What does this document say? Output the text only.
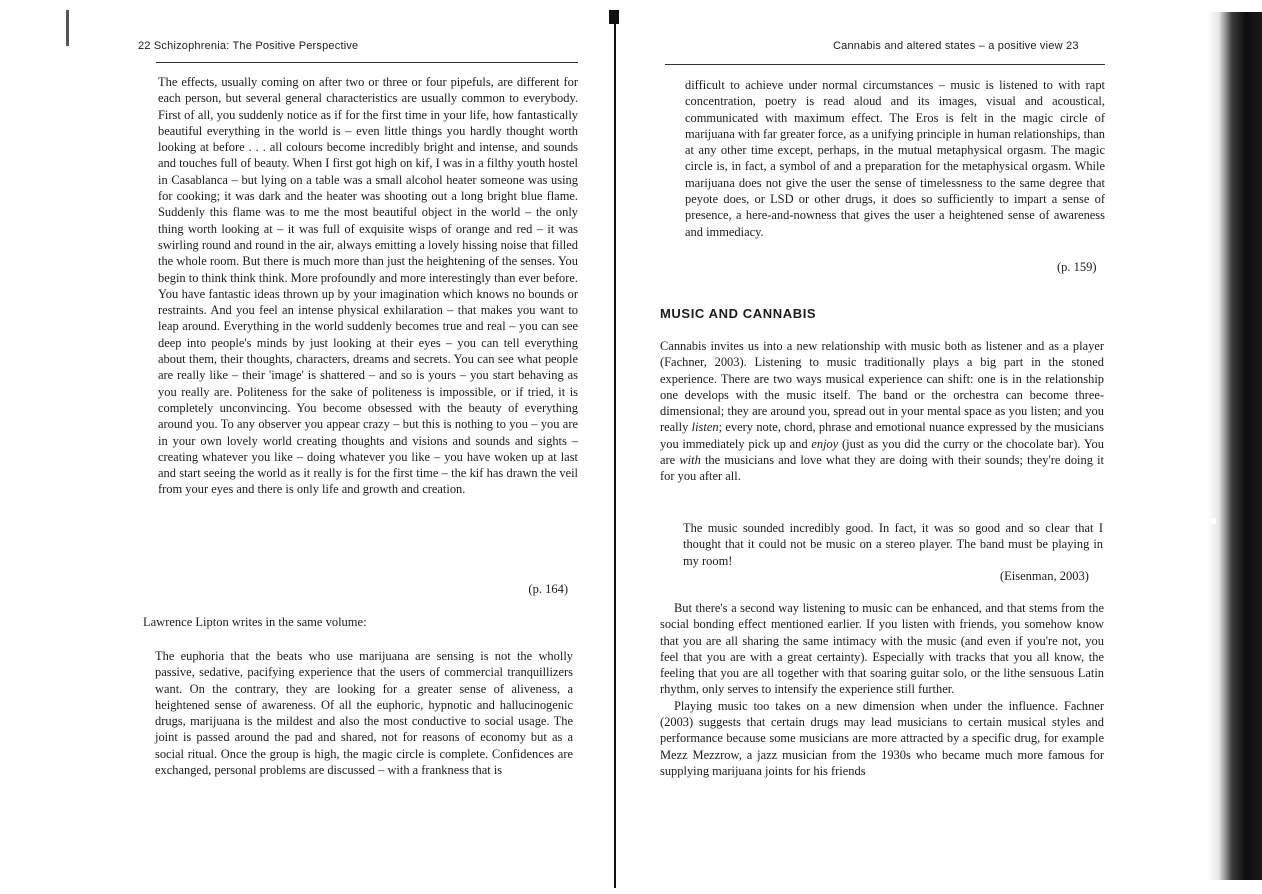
22 Schizophrenia: The Positive Perspective

The effects, usually coming on after two or three or four pipefuls, are different for each person, but several general characteristics are usually common to everybody. First of all, you suddenly notice as if for the first time in your life, how fantastically beautiful everything in the world is – even little things you hardly thought worth looking at before . . . all colours become incredibly bright and intense, and sounds and touches full of beauty. When I first got high on kif, I was in a filthy youth hostel in Casablanca – but lying on a table was a small alcohol heater someone was using for cooking; it was dark and the heater was shooting out a long bright blue flame. Suddenly this flame was to me the most beautiful object in the world – the only thing worth looking at – it was full of exquisite wisps of orange and red – it was swirling round and round in the air, always emitting a lovely hissing noise that filled the whole room. But there is much more than just the heightening of the senses. You begin to think think think. More profoundly and more interestingly than ever before. You have fantastic ideas thrown up by your imagination which knows no bounds or restraints. And you feel an intense physical exhilaration – that makes you want to leap around. Everything in the world suddenly becomes true and real – you can see deep into people's minds by just looking at their eyes – you can tell everything about them, their thoughts, characters, dreams and secrets. You can see what people are really like – their 'image' is shattered – and so is yours – you start behaving as you really are. Politeness for the sake of politeness is impossible, or if tried, it is completely unconvincing. You become obsessed with the beauty of everything around you. To any observer you appear crazy – but this is nothing to you – you are in your own lovely world creating thoughts and visions and sounds and sights – creating whatever you like – doing whatever you like – you have woken up at last and start seeing the world as it really is for the first time – the kif has drawn the veil from your eyes and there is only life and growth and creation.

(p. 164)
Lawrence Lipton writes in the same volume:

The euphoria that the beats who use marijuana are sensing is not the wholly passive, sedative, pacifying experience that the users of commercial tranquillizers want. On the contrary, they are looking for a greater sense of aliveness, a heightened sense of awareness. Of all the euphoric, hypnotic and hallucinogenic drugs, marijuana is the mildest and also the most conductive to social usage. The joint is passed around the pad and shared, not for reasons of economy but as a social ritual. Once the group is high, the magic circle is complete. Confidences are exchanged, personal problems are discussed – with a frankness that is

Cannabis and altered states – a positive view 23

difficult to achieve under normal circumstances – music is listened to with rapt concentration, poetry is read aloud and its images, visual and acoustical, communicated with maximum effect. The Eros is felt in the magic circle of marijuana with far greater force, as a unifying principle in human relationships, than at any other time except, perhaps, in the mutual metaphysical orgasm. The magic circle is, in fact, a symbol of and a preparation for the metaphysical orgasm. While marijuana does not give the user the sense of timelessness to the same degree that peyote does, or LSD or other drugs, it does so sufficiently to impart a sense of presence, a here-and-nowness that gives the user a heightened sense of awareness and immediacy.

(p. 159)
MUSIC AND CANNABIS

Cannabis invites us into a new relationship with music both as listener and as a player (Fachner, 2003). Listening to music traditionally plays a big part in the stoned experience. There are two ways musical experience can shift: one is in the relationship one develops with the music itself. The band or the orchestra can become three-dimensional; they are around you, spread out in your mental space as you listen; and you really listen; every note, chord, phrase and emotional nuance expressed by the musicians you immediately pick up and enjoy (just as you did the curry or the chocolate bar). You are with the musicians and love what they are doing with their sounds; they're doing it for you after all.

The music sounded incredibly good. In fact, it was so good and so clear that I thought that it could not be music on a stereo player. The band must be playing in my room!

(Eisenman, 2003)

But there's a second way listening to music can be enhanced, and that stems from the social bonding effect mentioned earlier. If you listen with friends, you somehow know that you are all sharing the same intimacy with the music (and even if you're not, you feel that you are with a great certainty). Especially with tracks that you all know, the feeling that you are all together with that soaring guitar solo, or the lithe sensuous Latin rhythm, only serves to intensify the experience still further.

Playing music too takes on a new dimension when under the influence. Fachner (2003) suggests that certain drugs may lead musicians to certain musical styles and performance because some musicians are more attracted by a specific drug, for example Mezz Mezzrow, a jazz musician from the 1930s who became much more famous for supplying marijuana joints for his friends
